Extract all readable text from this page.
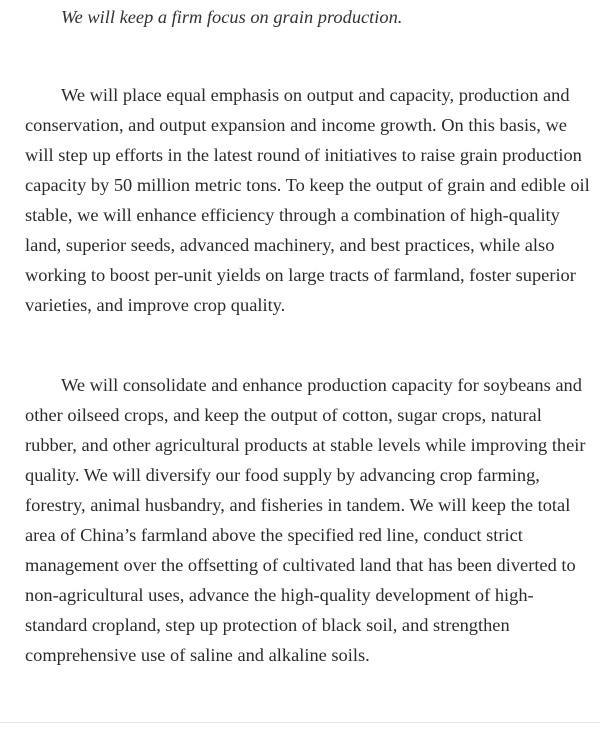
We will keep a firm focus on grain production.

We will place equal emphasis on output and capacity, production and conservation, and output expansion and income growth. On this basis, we will step up efforts in the latest round of initiatives to raise grain production capacity by 50 million metric tons. To keep the output of grain and edible oil stable, we will enhance efficiency through a combination of high-quality land, superior seeds, advanced machinery, and best practices, while also working to boost per-unit yields on large tracts of farmland, foster superior varieties, and improve crop quality.

We will consolidate and enhance production capacity for soybeans and other oilseed crops, and keep the output of cotton, sugar crops, natural rubber, and other agricultural products at stable levels while improving their quality. We will diversify our food supply by advancing crop farming, forestry, animal husbandry, and fisheries in tandem. We will keep the total area of China’s farmland above the specified red line, conduct strict management over the offsetting of cultivated land that has been diverted to non-agricultural uses, advance the high-quality development of high-standard cropland, step up protection of black soil, and strengthen comprehensive use of saline and alkaline soils.
